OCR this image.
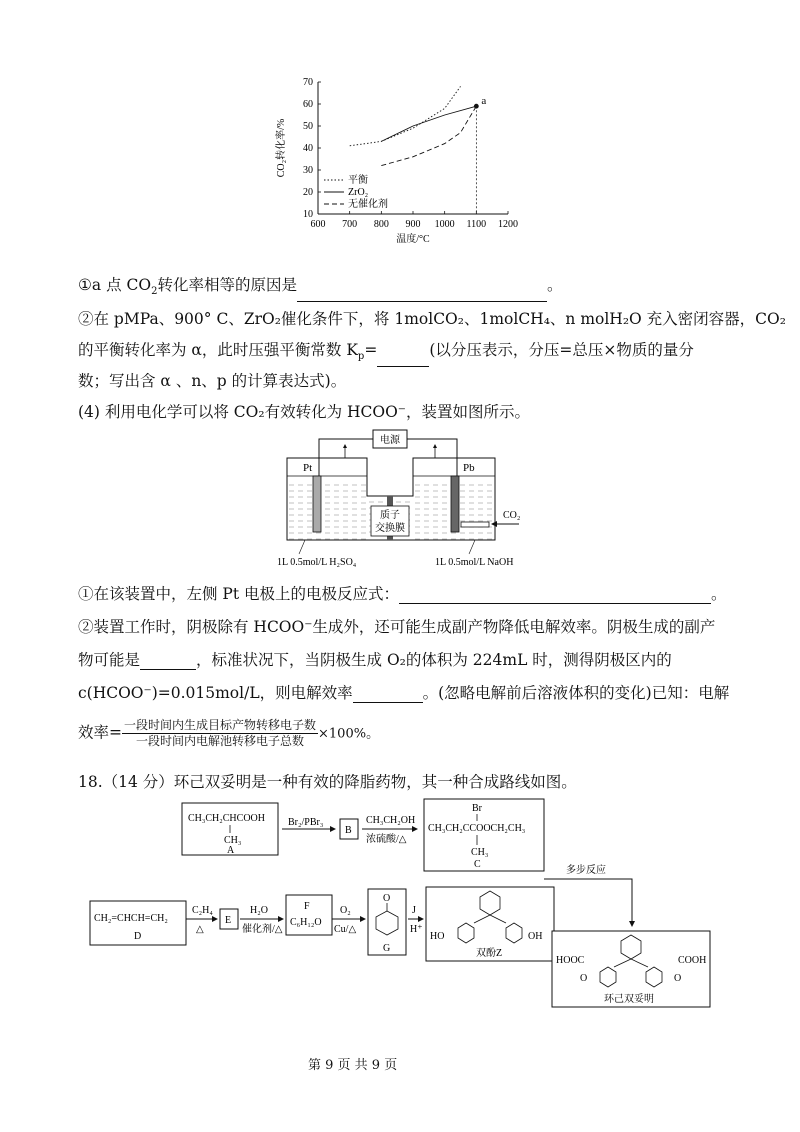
600 700 800 900 1000 1100 1200
10
20
30
40
50
60
70
温度/°C
CO₂转化率/%
平衡
ZrO₂
无催化剂
a
①a 点 $CO_2$转化率相等的原因是	。
②在 pMPa、900° C、ZrO₂催化条件下，将 1molCO₂、1molCH₄、n molH₂O 充入密闭容器，CO₂
的平衡转化率为 α，此时压强平衡常数 $K_p=$	(以分压表示，分压=总压×物质的量分
数；写出含 α 、n、p 的计算表达式)。
(4) 利用电化学可以将 CO₂有效转化为 HCOO⁻，装置如图所示。
电源
Pt	Pb
质子
交换膜
CO₂
1L 0.5mol/L H₂SO₄	1L 0.5mol/L NaOH
①在该装置中，左侧 Pt 电极上的电极反应式：	。
②装置工作时，阴极除有 HCOO⁻生成外，还可能生成副产物降低电解效率。阴极生成的副产
物可能是	，标准状况下，当阴极生成 O₂的体积为 224mL 时，测得阴极区内的
c(HCOO⁻)=0.015mol/L，则电解效率	。(忽略电解前后溶液体积的变化)已知：电解
效率= $\frac{\text{一段时间内生成目标产物转移电子数}}{\text{一段时间内电解池转移电子总数}} \times 100\%$。
18.（14 分）环己双妥明是一种有效的降脂药物，其一种合成路线如图。
CH₃CH₂CHCOOH
CH₃
A
Br₂/PBr₃
B
CH₃CH₂OH
浓硫酸/△
Br
CH₃CH₂CCOOCH₂CH₃
CH₃
C
多步反应
CH₂=CHCH=CH₂
D
C₂H₄
△
E
H₂O
催化剂/△
F
C₆H₁₂O
O₂
Cu/△
O
G
J
H⁺
HO	OH
双酚Z
HOOC	COOH
O	O
环己双妥明
第 9 页 共 9 页
